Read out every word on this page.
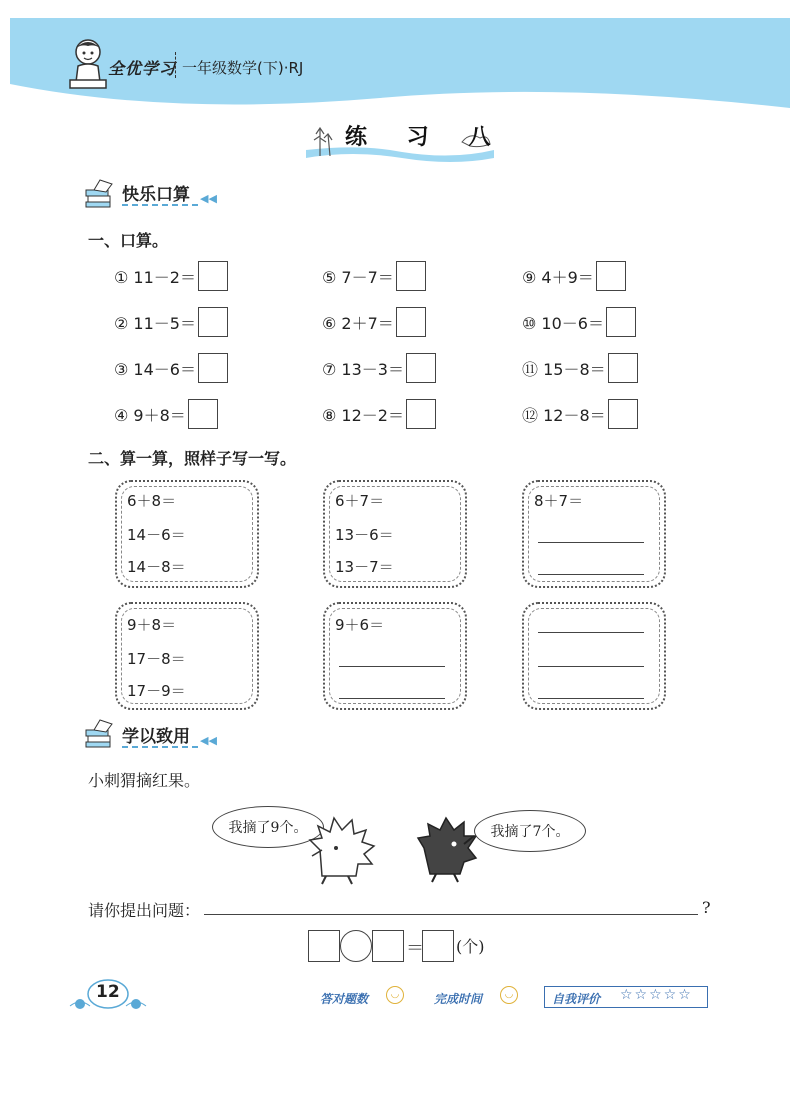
全优学习 一年级数学(下)·RJ
练 习 八
快乐口算 ◀◀
一、口算。
① 11－2＝	⑤ 7－7＝	⑨ 4＋9＝
② 11－5＝	⑥ 2＋7＝	⑩ 10－6＝
③ 14－6＝	⑦ 13－3＝	⑪ 15－8＝
④ 9＋8＝	⑧ 12－2＝	⑫ 12－8＝
二、算一算，照样子写一写。
6＋8＝
14－6＝
14－8＝
6＋7＝
13－6＝
13－7＝
8＋7＝
9＋8＝
17－8＝
17－9＝
9＋6＝
学以致用 ◀◀
小刺猬摘红果。
我摘了9个。	我摘了7个。
请你提出问题：	?
＝ (个)
12	答对题数	◡	完成时间	◡	自我评价 ☆☆☆☆☆
